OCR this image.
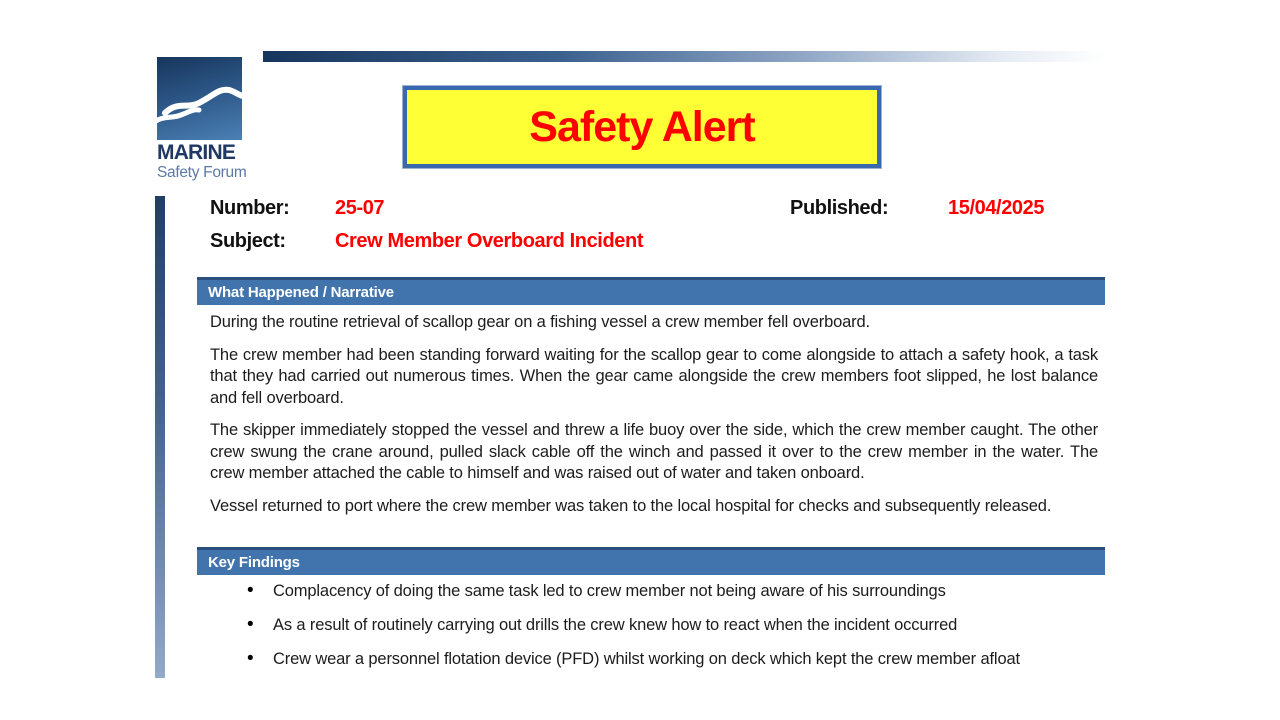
MARINE
Safety Forum
Safety Alert
Number: 25-07	Published:	15/04/2025
Subject: Crew Member Overboard Incident
What Happened / Narrative

During the routine retrieval of scallop gear on a fishing vessel a crew member fell overboard.

The crew member had been standing forward waiting for the scallop gear to come alongside to attach a safety hook, a task that they had carried out numerous times. When the gear came alongside the crew members foot slipped, he lost balance and fell overboard.

The skipper immediately stopped the vessel and threw a life buoy over the side, which the crew member caught. The other crew swung the crane around, pulled slack cable off the winch and passed it over to the crew member in the water. The crew member attached the cable to himself and was raised out of water and taken onboard.

Vessel returned to port where the crew member was taken to the local hospital for checks and subsequently released.

Key Findings
• Complacency of doing the same task led to crew member not being aware of his surroundings
• As a result of routinely carrying out drills the crew knew how to react when the incident occurred
• Crew wear a personnel flotation device (PFD) whilst working on deck which kept the crew member afloat
